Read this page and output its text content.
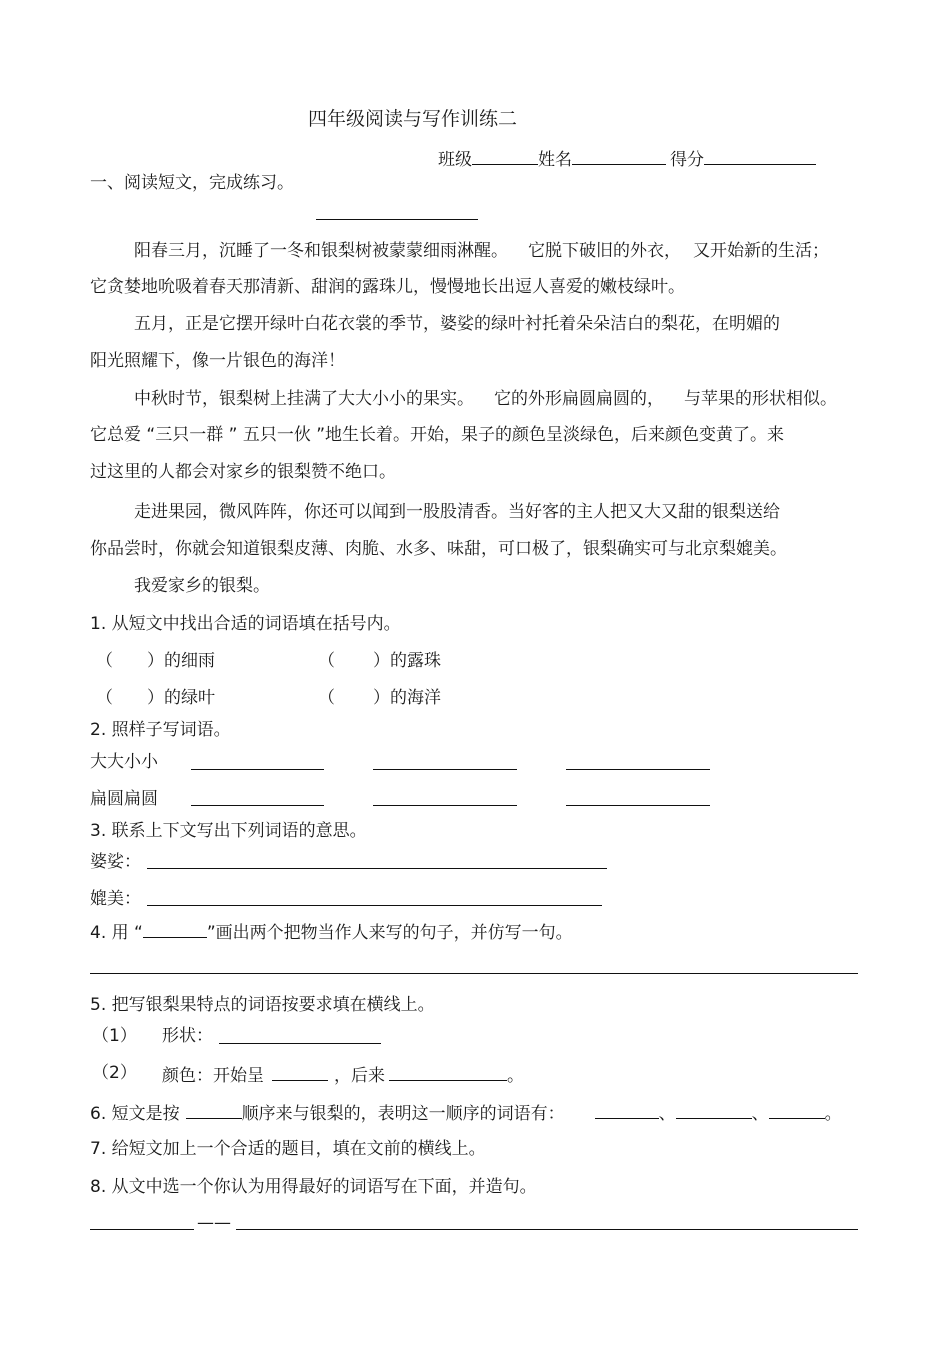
四年级阅读与写作训练二
班级	姓名	得分
一、阅读短文，完成练习。
阳春三月，沉睡了一冬和银梨树被蒙蒙细雨淋醒。 它脱下破旧的外衣， 又开始新的生活；
它贪婪地吮吸着春天那清新、甜润的露珠儿，慢慢地长出逗人喜爱的嫩枝绿叶。
五月，正是它摆开绿叶白花衣裳的季节，婆娑的绿叶衬托着朵朵洁白的梨花，在明媚的
阳光照耀下，像一片银色的海洋！
中秋时节，银梨树上挂满了大大小小的果实。 它的外形扁圆扁圆的， 与苹果的形状相似。
它总爱 “三只一群 ” 五只一伙 ”地生长着。开始，果子的颜色呈淡绿色，后来颜色变黄了。来
过这里的人都会对家乡的银梨赞不绝口。
走进果园，微风阵阵，你还可以闻到一股股清香。当好客的主人把又大又甜的银梨送给
你品尝时，你就会知道银梨皮薄、肉脆、水多、味甜，可口极了，银梨确实可与北京梨媲美。
我爱家乡的银梨。
1. 从短文中找出合适的词语填在括号内。
（ ）的细雨	（ ）的露珠
（ ）的绿叶	（ ）的海洋
2. 照样子写词语。
大大小小
扁圆扁圆
3. 联系上下文写出下列词语的意思。
婆娑：
媲美：
4. 用 “	”画出两个把物当作人来写的句子，并仿写一句。
5. 把写银梨果特点的词语按要求填在横线上。
（1） 形状：
（2） 颜色：开始呈	，后来	。
6. 短文是按	顺序来与银梨的，表明这一顺序的词语有：	、	、	。
7. 给短文加上一个合适的题目，填在文前的横线上。
8. 从文中选一个你认为用得最好的词语写在下面，并造句。
——
